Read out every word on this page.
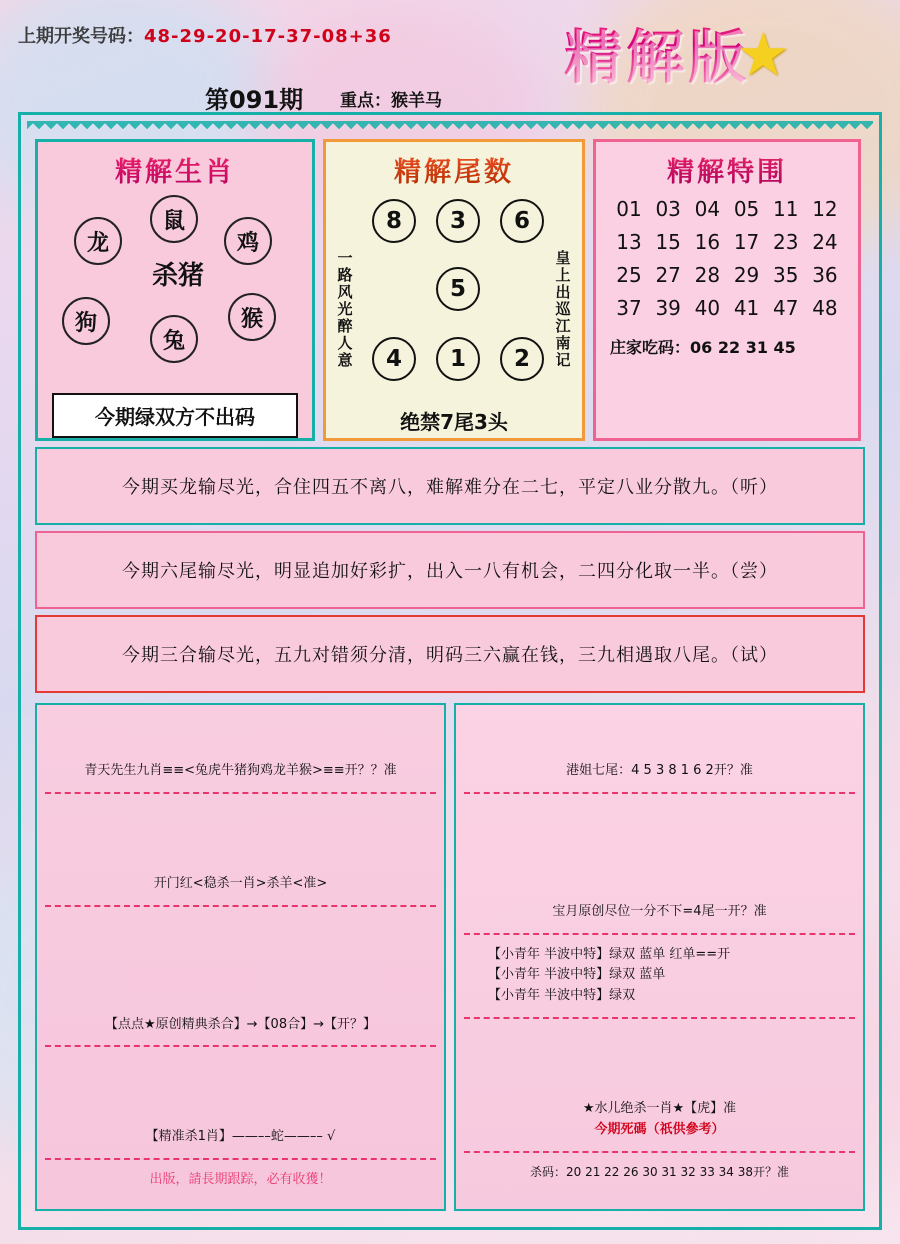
上期开奖号码：48-29-20-17-37-08+36
第091期 重点：猴羊马
精解版
★
精解生肖
龙
鼠
鸡
杀猪
狗
兔
猴
今期绿双方不出码
精解尾数
一路风光醉人意
8	3	6
5
4	1	2
绝禁7尾3头
皇上出巡江南记
精解特围
01 03 04 05 11 12
13 15 16 17 23 24
25 27 28 29 35 36
37 39 40 41 47 48
庄家吃码：06 22 31 45
今期买龙输尽光，合住四五不离八，难解难分在二七，平定八业分散九。（听）
今期六尾输尽光，明显追加好彩扩，出入一八有机会，二四分化取一半。（尝）
今期三合输尽光，五九对错须分清，明码三六赢在钱，三九相遇取八尾。（试）
青天先生九肖≡≡<兔虎牛猪狗鸡龙羊猴>≡≡开？？准
开门红<稳杀一肖>杀羊<准>
【点点★原创精典杀合】→【08合】→【开？】
【精准杀1肖】——––蛇——–– √
出版，請長期跟踪，必有收獲！
港姐七尾：4 5 3 8 1 6 2开？准
宝月原创尽位一分不下=4尾一开？准
【小青年 半波中特】绿双 蓝单 红单==开
【小青年 半波中特】绿双 蓝单
【小青年 半波中特】绿双
★水儿绝杀一肖★【虎】准
今期死碼（祇供參考）
杀码：20 21 22 26 30 31 32 33 34 38开？准
